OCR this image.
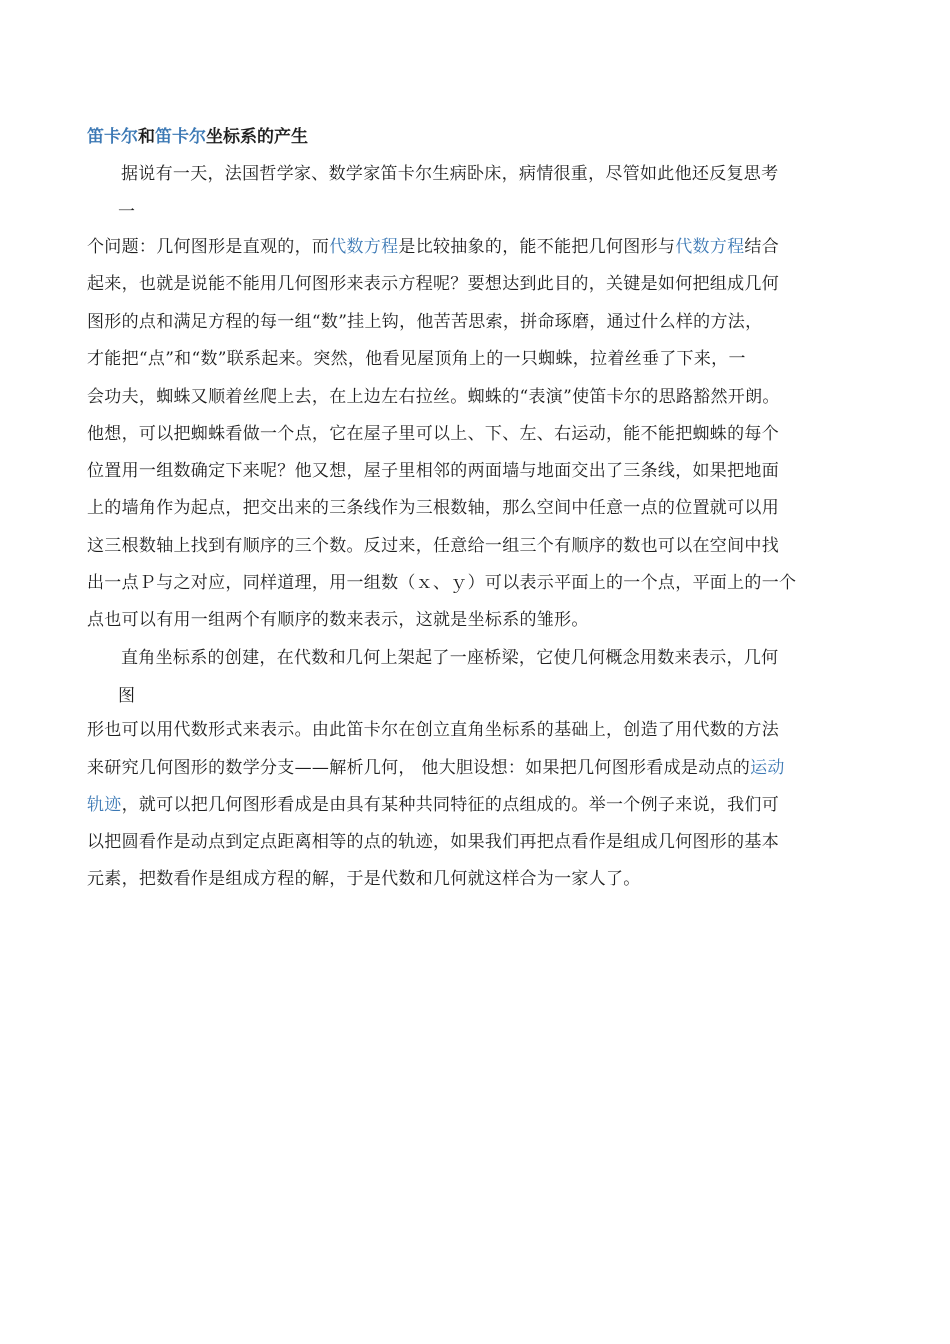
笛卡尔和笛卡尔坐标系的产生
据说有一天，法国哲学家、数学家笛卡尔生病卧床，病情很重，尽管如此他还反复思考
一
个问题：几何图形是直观的，而代数方程是比较抽象的，能不能把几何图形与代数方程结合
起来，也就是说能不能用几何图形来表示方程呢？要想达到此目的，关键是如何把组成几何
图形的点和满足方程的每一组“数”挂上钩，他苦苦思索，拼命琢磨，通过什么样的方法，
才能把“点”和“数”联系起来。突然，他看见屋顶角上的一只蜘蛛，拉着丝垂了下来，一
会功夫，蜘蛛又顺着丝爬上去，在上边左右拉丝。蜘蛛的“表演”使笛卡尔的思路豁然开朗。
他想，可以把蜘蛛看做一个点，它在屋子里可以上、下、左、右运动，能不能把蜘蛛的每个
位置用一组数确定下来呢？他又想，屋子里相邻的两面墙与地面交出了三条线，如果把地面
上的墙角作为起点，把交出来的三条线作为三根数轴，那么空间中任意一点的位置就可以用
这三根数轴上找到有顺序的三个数。反过来，任意给一组三个有顺序的数也可以在空间中找
出一点Ｐ与之对应，同样道理，用一组数（ｘ、ｙ）可以表示平面上的一个点，平面上的一个
点也可以有用一组两个有顺序的数来表示，这就是坐标系的雏形。
直角坐标系的创建，在代数和几何上架起了一座桥梁，它使几何概念用数来表示，几何
图
形也可以用代数形式来表示。由此笛卡尔在创立直角坐标系的基础上，创造了用代数的方法
来研究几何图形的数学分支——解析几何， 他大胆设想：如果把几何图形看成是动点的运动
轨迹，就可以把几何图形看成是由具有某种共同特征的点组成的。举一个例子来说，我们可
以把圆看作是动点到定点距离相等的点的轨迹，如果我们再把点看作是组成几何图形的基本
元素，把数看作是组成方程的解，于是代数和几何就这样合为一家人了。
